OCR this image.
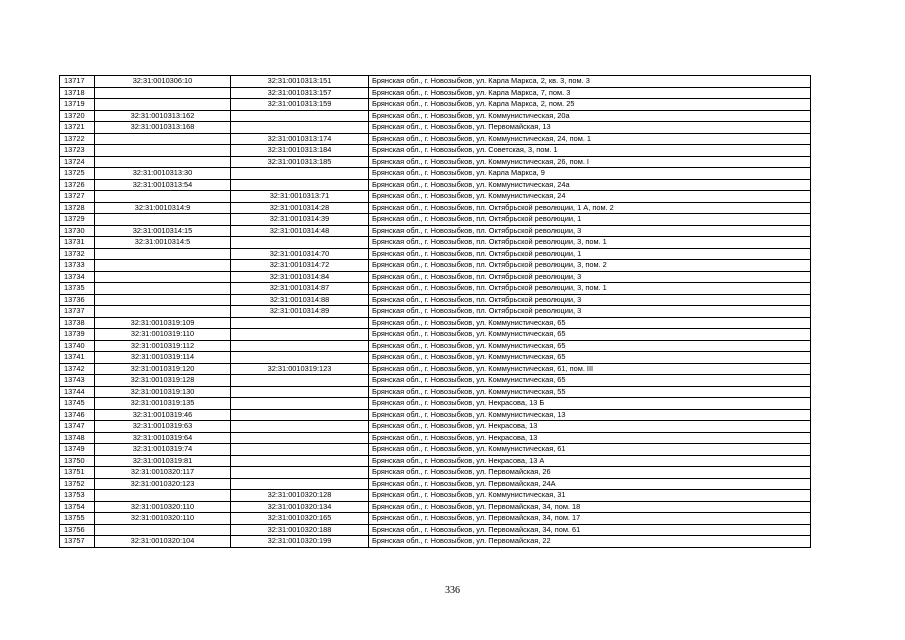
13717	32:31:0010306:10	32:31:0010313:151	Брянская обл., г. Новозыбков, ул. Карла Маркса, 2, кв. 3, пом. 3
13718		32:31:0010313:157	Брянская обл., г. Новозыбков, ул. Карла Маркса, 7, пом. 3
13719		32:31:0010313:159	Брянская обл., г. Новозыбков, ул. Карла Маркса, 2, пом. 25
13720	32:31:0010313:162		Брянская обл., г. Новозыбков, ул. Коммунистическая, 20а
13721	32:31:0010313:168		Брянская обл., г. Новозыбков, ул. Первомайская, 13
13722		32:31:0010313:174	Брянская обл., г. Новозыбков, ул. Коммунистическая, 24, пом. 1
13723		32:31:0010313:184	Брянская обл., г. Новозыбков, ул. Советская, 3, пом. 1
13724		32:31:0010313:185	Брянская обл., г. Новозыбков, ул. Коммунистическая, 26, пом. I
13725	32:31:0010313:30		Брянская обл., г. Новозыбков, ул. Карла Маркса, 9
13726	32:31:0010313:54		Брянская обл., г. Новозыбков, ул. Коммунистическая, 24а
13727		32:31:0010313:71	Брянская обл., г. Новозыбков, ул. Коммунистическая, 24
13728	32:31:0010314:9	32:31:0010314:28	Брянская обл., г. Новозыбков, пл. Октябрьской революции, 1 А, пом. 2
13729		32:31:0010314:39	Брянская обл., г. Новозыбков, пл. Октябрьской революции, 1
13730	32:31:0010314:15	32:31:0010314:48	Брянская обл., г. Новозыбков, пл. Октябрьской революции, 3
13731	32:31:0010314:5		Брянская обл., г. Новозыбков, пл. Октябрьской революции, 3, пом. 1
13732		32:31:0010314:70	Брянская обл., г. Новозыбков, пл. Октябрьской революции, 1
13733		32:31:0010314:72	Брянская обл., г. Новозыбков, пл. Октябрьской революции, 3, пом. 2
13734		32:31:0010314:84	Брянская обл., г. Новозыбков, пл. Октябрьской революции, 3
13735		32:31:0010314:87	Брянская обл., г. Новозыбков, пл. Октябрьской революции, 3, пом. 1
13736		32:31:0010314:88	Брянская обл., г. Новозыбков, пл. Октябрьской революции, 3
13737		32:31:0010314:89	Брянская обл., г. Новозыбков, пл. Октябрьской революции, 3
13738	32:31:0010319:109		Брянская обл., г. Новозыбков, ул. Коммунистическая, 65
13739	32:31:0010319:110		Брянская обл., г. Новозыбков, ул. Коммунистическая, 65
13740	32:31:0010319:112		Брянская обл., г. Новозыбков, ул. Коммунистическая, 65
13741	32:31:0010319:114		Брянская обл., г. Новозыбков, ул. Коммунистическая, 65
13742	32:31:0010319:120	32:31:0010319:123	Брянская обл., г. Новозыбков, ул. Коммунистическая, 61, пом. III
13743	32:31:0010319:128		Брянская обл., г. Новозыбков, ул. Коммунистическая, 65
13744	32:31:0010319:130		Брянская обл., г. Новозыбков, ул. Коммунистическая, 55
13745	32:31:0010319:135		Брянская обл., г. Новозыбков, ул. Некрасова, 13 Б
13746	32:31:0010319:46		Брянская обл., г. Новозыбков, ул. Коммунистическая, 13
13747	32:31:0010319:63		Брянская обл., г. Новозыбков, ул. Некрасова, 13
13748	32:31:0010319:64		Брянская обл., г. Новозыбков, ул. Некрасова, 13
13749	32:31:0010319:74		Брянская обл., г. Новозыбков, ул. Коммунистическая, 61
13750	32:31:0010319:81		Брянская обл., г. Новозыбков, ул. Некрасова, 13 А
13751	32:31:0010320:117		Брянская обл., г. Новозыбков, ул. Первомайская, 26
13752	32:31:0010320:123		Брянская обл., г. Новозыбков, ул. Первомайская, 24А
13753		32:31:0010320:128	Брянская обл., г. Новозыбков, ул. Коммунистическая, 31
13754	32:31:0010320:110	32:31:0010320:134	Брянская обл., г. Новозыбков, ул. Первомайская, 34, пом. 18
13755	32:31:0010320:110	32:31:0010320:165	Брянская обл., г. Новозыбков, ул. Первомайская, 34, пом. 17
13756		32:31:0010320:188	Брянская обл., г. Новозыбков, ул. Первомайская, 34, пом. 61
13757	32:31:0010320:104	32:31:0010320:199	Брянская обл., г. Новозыбков, ул. Первомайская, 22
336
